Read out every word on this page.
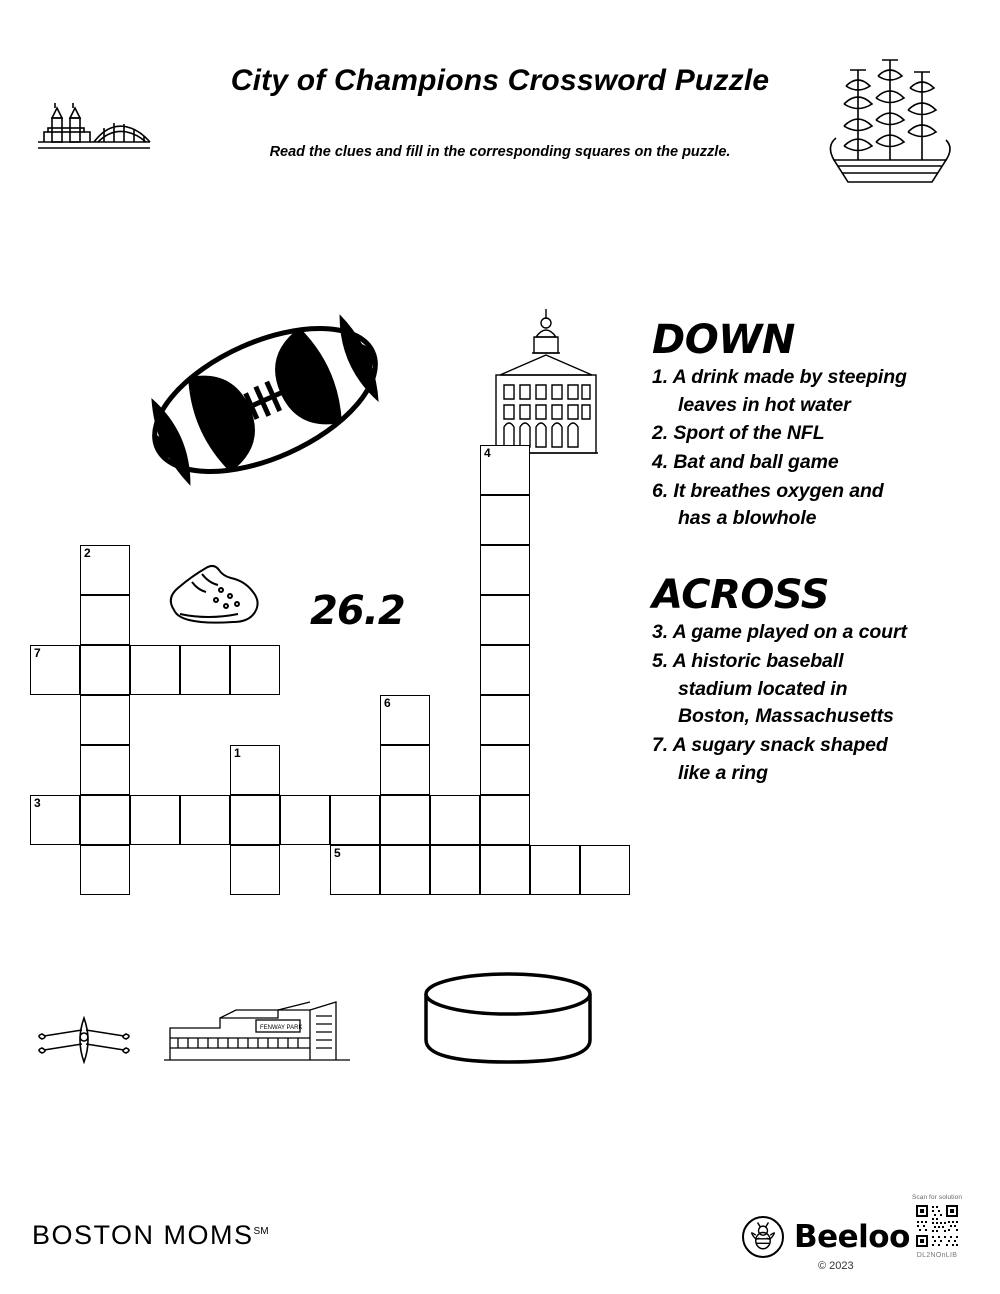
City of Champions Crossword Puzzle
Read the clues and fill in the corresponding squares on the puzzle.
26.2
FENWAY PARK
2
4
7
6
1
3
5
DOWN
1. A drink made by steeping leaves in hot water
2. Sport of the NFL
4. Bat and ball game
6. It breathes oxygen and has a blowhole
ACROSS
3. A game played on a court
5. A historic baseball stadium located in Boston, Massachusetts
7. A sugary snack shaped like a ring
BOSTON MOMS℠	Beeloo
© 2023
Scan for solution
DL2NOnLIB
